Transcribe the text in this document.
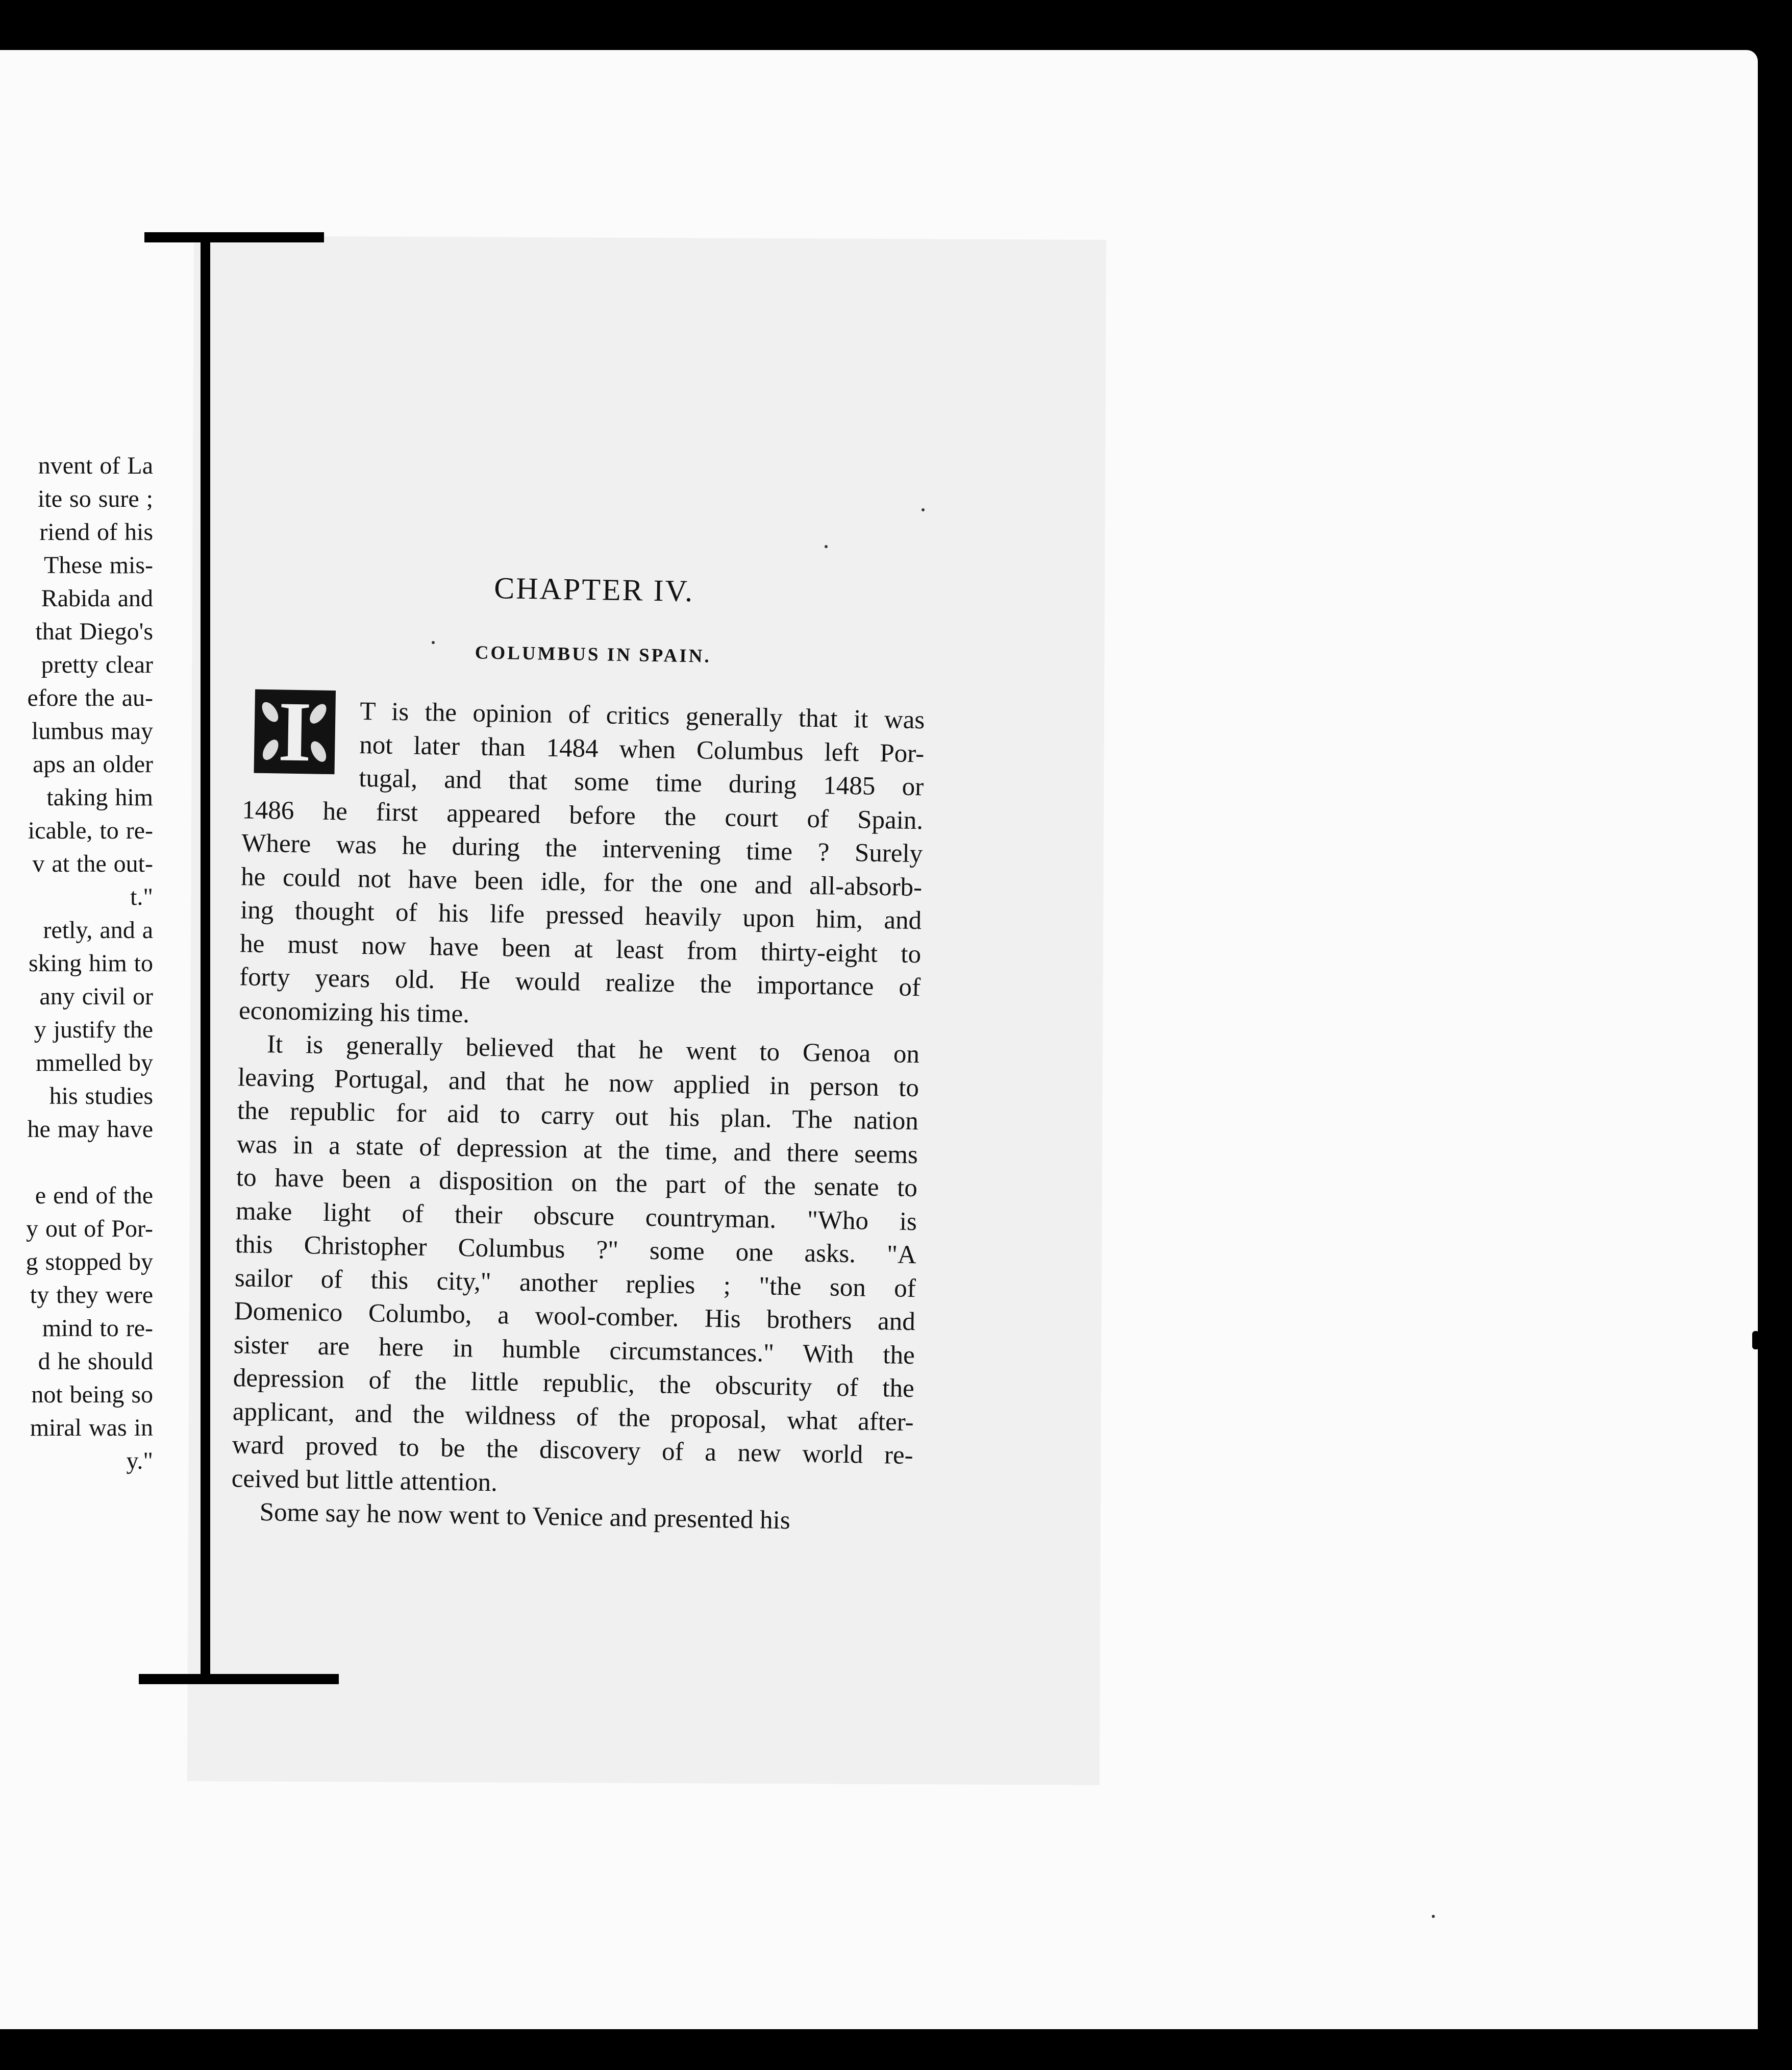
nvent of La
ite so sure ;
riend of his
These mis-
Rabida and
that Diego's
pretty clear
efore the au-
lumbus may
aps an older
taking him
icable, to re-
v at the out-
t."
retly, and a
sking him to
any civil or
y justify the
mmelled by
his studies
he may have
e end of the
y out of Por-
g stopped by
ty they were
mind to re-
d he should
not being so
miral was in
y."
CHAPTER IV.
COLUMBUS IN SPAIN.
I	T is the opinion of critics generally that it was
not later than 1484 when Columbus left Por-
tugal, and that some time during 1485 or
1486 he first appeared before the court of Spain.
Where was he during the intervening time ? Surely
he could not have been idle, for the one and all-absorb-
ing thought of his life pressed heavily upon him, and
he must now have been at least from thirty-eight to
forty years old. He would realize the importance of
economizing his time.
It is generally believed that he went to Genoa on
leaving Portugal, and that he now applied in person to
the republic for aid to carry out his plan. The nation
was in a state of depression at the time, and there seems
to have been a disposition on the part of the senate to
make light of their obscure countryman. "Who is
this Christopher Columbus ?" some one asks. "A
sailor of this city," another replies ; "the son of
Domenico Columbo, a wool-comber. His brothers and
sister are here in humble circumstances." With the
depression of the little republic, the obscurity of the
applicant, and the wildness of the proposal, what after-
ward proved to be the discovery of a new world re-
ceived but little attention.
Some say he now went to Venice and presented his
